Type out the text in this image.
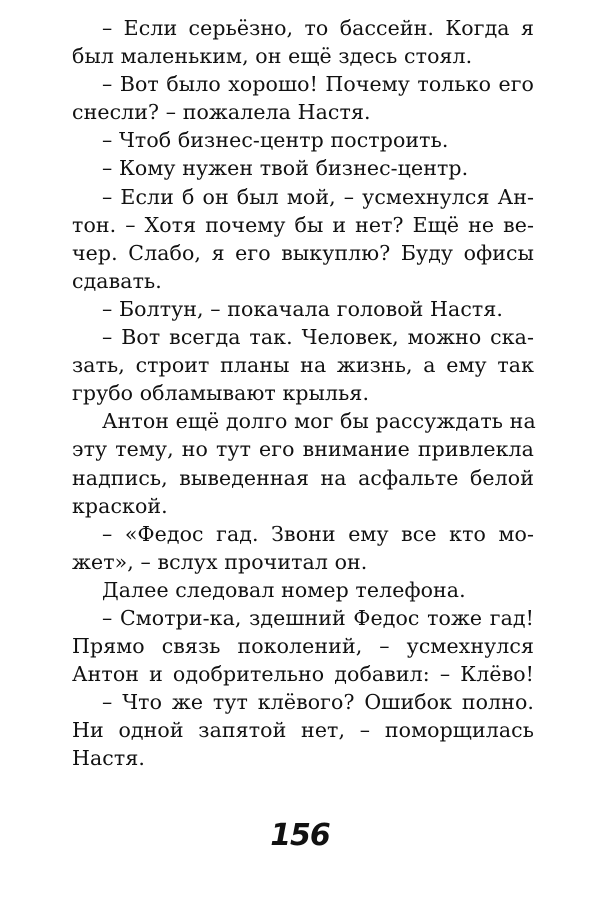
– Если серьёзно, то бассейн. Когда я
был маленьким, он ещё здесь стоял.
– Вот было хорошо! Почему только его
снесли? – пожалела Настя.
– Чтоб бизнес-центр построить.
– Кому нужен твой бизнес-центр.
– Если б он был мой, – усмехнулся Ан-
тон. – Хотя почему бы и нет? Ещё не ве-
чер. Слабо, я его выкуплю? Буду офисы
сдавать.
– Болтун, – покачала головой Настя.
– Вот всегда так. Человек, можно ска-
зать, строит планы на жизнь, а ему так
грубо обламывают крылья.
Антон ещё долго мог бы рассуждать на
эту тему, но тут его внимание привлекла
надпись, выведенная на асфальте белой
краской.
– «Федос гад. Звони ему все кто мо-
жет», – вслух прочитал он.
Далее следовал номер телефона.
– Смотри-ка, здешний Федос тоже гад!
Прямо связь поколений, – усмехнулся
Антон и одобрительно добавил: – Клёво!
– Что же тут клёвого? Ошибок полно.
Ни одной запятой нет, – поморщилась
Настя.
156
